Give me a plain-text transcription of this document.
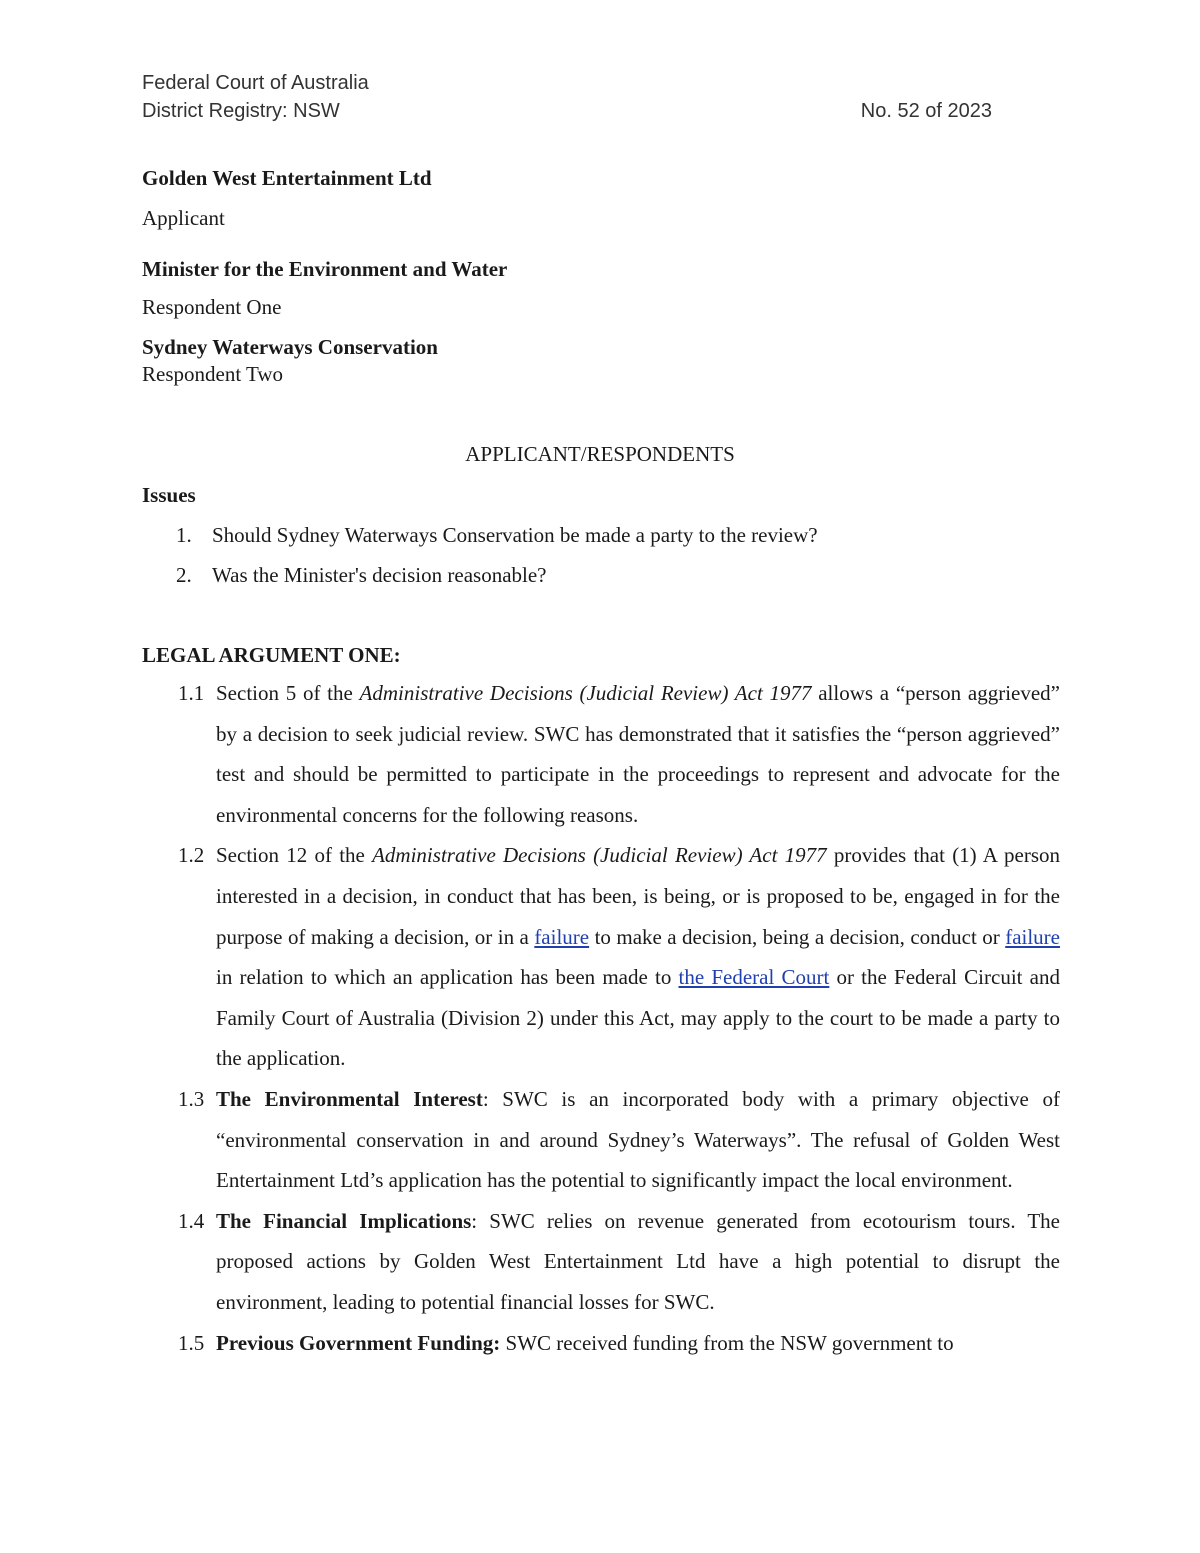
Federal Court of Australia
District Registry: NSW	No. 52 of 2023
Golden West Entertainment Ltd
Applicant
Minister for the Environment and Water
Respondent One
Sydney Waterways Conservation
Respondent Two
APPLICANT/RESPONDENTS
Issues
1. Should Sydney Waterways Conservation be made a party to the review?
2. Was the Minister's decision reasonable?
LEGAL ARGUMENT ONE:
1.1 Section 5 of the Administrative Decisions (Judicial Review) Act 1977 allows a “person aggrieved” by a decision to seek judicial review. SWC has demonstrated that it satisfies the “person aggrieved” test and should be permitted to participate in the proceedings to represent and advocate for the environmental concerns for the following reasons.
1.2 Section 12 of the Administrative Decisions (Judicial Review) Act 1977 provides that (1) A person interested in a decision, in conduct that has been, is being, or is proposed to be, engaged in for the purpose of making a decision, or in a failure to make a decision, being a decision, conduct or failure in relation to which an application has been made to the Federal Court or the Federal Circuit and Family Court of Australia (Division 2) under this Act, may apply to the court to be made a party to the application.
1.3 The Environmental Interest: SWC is an incorporated body with a primary objective of “environmental conservation in and around Sydney’s Waterways”. The refusal of Golden West Entertainment Ltd’s application has the potential to significantly impact the local environment.
1.4 The Financial Implications: SWC relies on revenue generated from ecotourism tours. The proposed actions by Golden West Entertainment Ltd have a high potential to disrupt the environment, leading to potential financial losses for SWC.
1.5 Previous Government Funding: SWC received funding from the NSW government to
